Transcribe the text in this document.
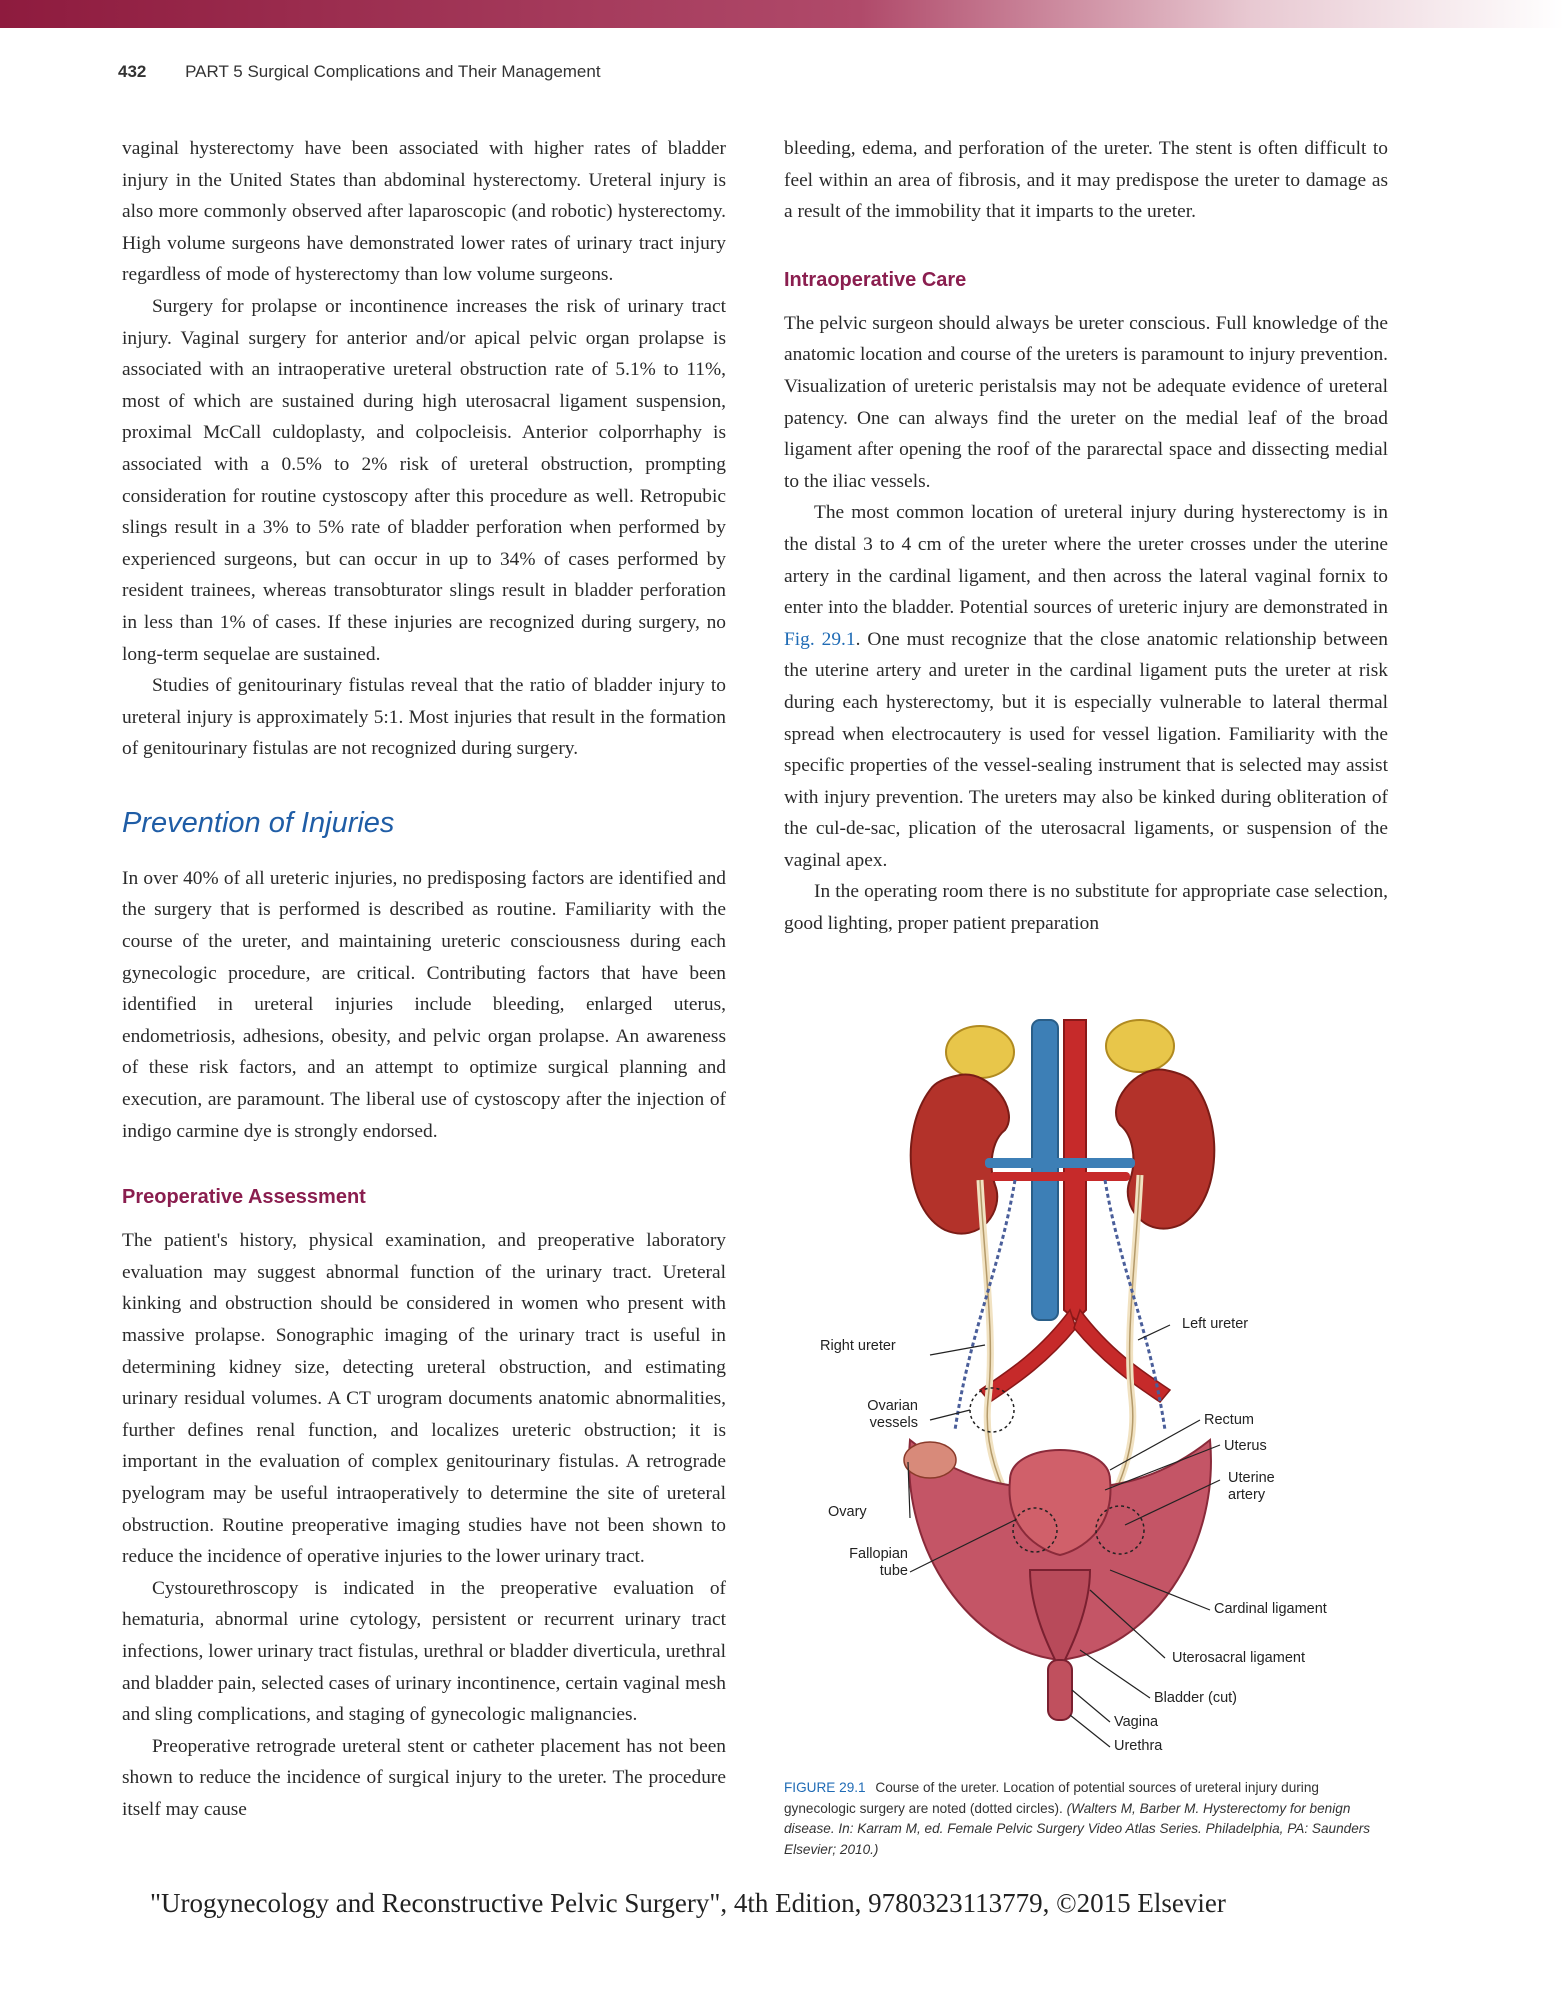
432 PART 5 Surgical Complications and Their Management

vaginal hysterectomy have been associated with higher rates of bladder injury in the United States than abdominal hysterectomy. Ureteral injury is also more commonly observed after laparoscopic (and robotic) hysterectomy. High volume surgeons have demonstrated lower rates of urinary tract injury regardless of mode of hysterectomy than low volume surgeons.

Surgery for prolapse or incontinence increases the risk of urinary tract injury. Vaginal surgery for anterior and/or apical pelvic organ prolapse is associated with an intraoperative ureteral obstruction rate of 5.1% to 11%, most of which are sustained during high uterosacral ligament suspension, proximal McCall culdoplasty, and colpocleisis. Anterior colporrhaphy is associated with a 0.5% to 2% risk of ureteral obstruction, prompting consideration for routine cystoscopy after this procedure as well. Retropubic slings result in a 3% to 5% rate of bladder perforation when performed by experienced surgeons, but can occur in up to 34% of cases performed by resident trainees, whereas transobturator slings result in bladder perforation in less than 1% of cases. If these injuries are recognized during surgery, no long-term sequelae are sustained.

Studies of genitourinary fistulas reveal that the ratio of bladder injury to ureteral injury is approximately 5:1. Most injuries that result in the formation of genitourinary fistulas are not recognized during surgery.

Prevention of Injuries

In over 40% of all ureteric injuries, no predisposing factors are identified and the surgery that is performed is described as routine. Familiarity with the course of the ureter, and maintaining ureteric consciousness during each gynecologic procedure, are critical. Contributing factors that have been identified in ureteral injuries include bleeding, enlarged uterus, endometriosis, adhesions, obesity, and pelvic organ prolapse. An awareness of these risk factors, and an attempt to optimize surgical planning and execution, are paramount. The liberal use of cystoscopy after the injection of indigo carmine dye is strongly endorsed.

Preoperative Assessment

The patient's history, physical examination, and preoperative laboratory evaluation may suggest abnormal function of the urinary tract. Ureteral kinking and obstruction should be considered in women who present with massive prolapse. Sonographic imaging of the urinary tract is useful in determining kidney size, detecting ureteral obstruction, and estimating urinary residual volumes. A CT urogram documents anatomic abnormalities, further defines renal function, and localizes ureteric obstruction; it is important in the evaluation of complex genitourinary fistulas. A retrograde pyelogram may be useful intraoperatively to determine the site of ureteral obstruction. Routine preoperative imaging studies have not been shown to reduce the incidence of operative injuries to the lower urinary tract.

Cystourethroscopy is indicated in the preoperative evaluation of hematuria, abnormal urine cytology, persistent or recurrent urinary tract infections, lower urinary tract fistulas, urethral or bladder diverticula, urethral and bladder pain, selected cases of urinary incontinence, certain vaginal mesh and sling complications, and staging of gynecologic malignancies.

Preoperative retrograde ureteral stent or catheter placement has not been shown to reduce the incidence of surgical injury to the ureter. The procedure itself may cause

bleeding, edema, and perforation of the ureter. The stent is often difficult to feel within an area of fibrosis, and it may predispose the ureter to damage as a result of the immobility that it imparts to the ureter.

Intraoperative Care

The pelvic surgeon should always be ureter conscious. Full knowledge of the anatomic location and course of the ureters is paramount to injury prevention. Visualization of ureteric peristalsis may not be adequate evidence of ureteral patency. One can always find the ureter on the medial leaf of the broad ligament after opening the roof of the pararectal space and dissecting medial to the iliac vessels.

The most common location of ureteral injury during hysterectomy is in the distal 3 to 4 cm of the ureter where the ureter crosses under the uterine artery in the cardinal ligament, and then across the lateral vaginal fornix to enter into the bladder. Potential sources of ureteric injury are demonstrated in Fig. 29.1. One must recognize that the close anatomic relationship between the uterine artery and ureter in the cardinal ligament puts the ureter at risk during each hysterectomy, but it is especially vulnerable to lateral thermal spread when electrocautery is used for vessel ligation. Familiarity with the specific properties of the vessel-sealing instrument that is selected may assist with injury prevention. The ureters may also be kinked during obliteration of the cul-de-sac, plication of the uterosacral ligaments, or suspension of the vaginal apex.

In the operating room there is no substitute for appropriate case selection, good lighting, proper patient preparation

Left ureter
Right ureter
Ovarian
vessels	Rectum
Uterus
Uterine
artery
Ovary
Fallopian
tube
Cardinal ligament
Uterosacral ligament
Bladder (cut)
Vagina
Urethra
FIGURE 29.1 Course of the ureter. Location of potential sources of ureteral injury during gynecologic surgery are noted (dotted circles). (Walters M, Barber M. Hysterectomy for benign disease. In: Karram M, ed. Female Pelvic Surgery Video Atlas Series. Philadelphia, PA: Saunders Elsevier; 2010.)
"Urogynecology and Reconstructive Pelvic Surgery", 4th Edition, 9780323113779, ©2015 Elsevier
